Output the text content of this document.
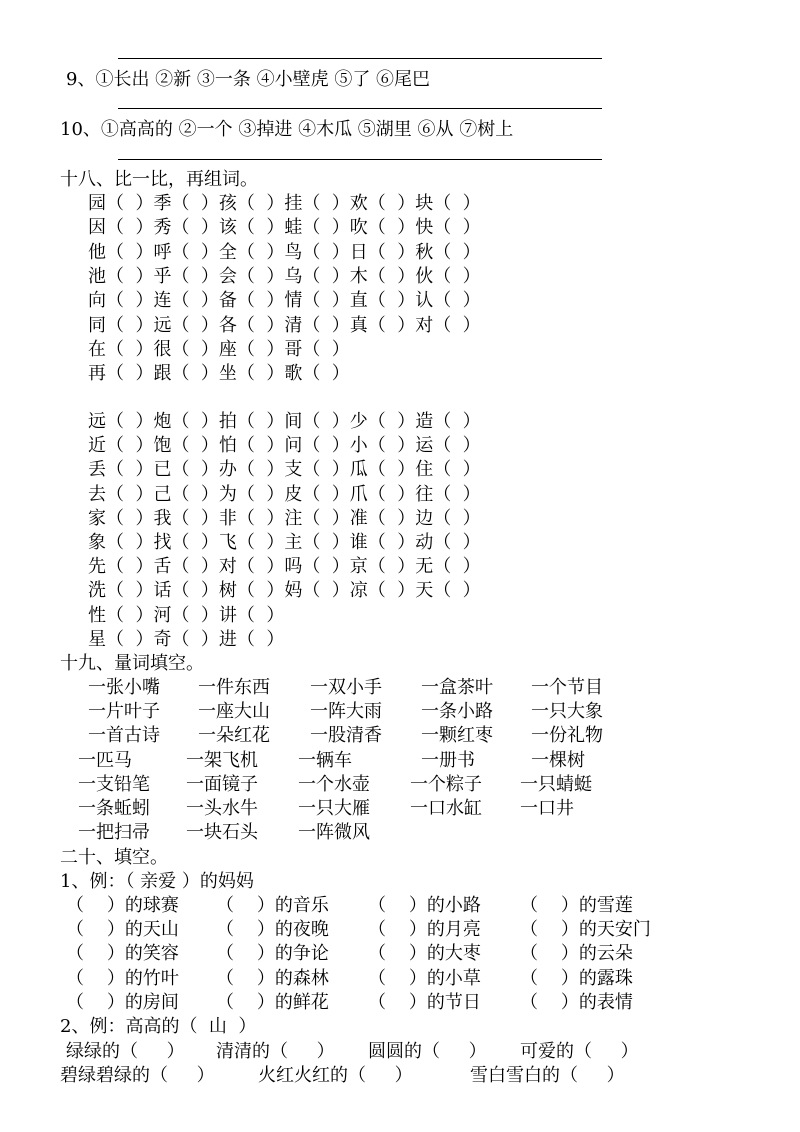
9、①长出 ②新 ③一条 ④小壁虎 ⑤了 ⑥尾巴
10、①高高的 ②一个 ③掉进 ④木瓜 ⑤湖里 ⑥从 ⑦树上
十八、比一比，再组词。
园（  ）季（  ）孩（  ）挂（  ）欢（  ）块（  ）
因（  ）秀（  ）该（  ）蛙（  ）吹（  ）快（  ）
他（  ）呼（  ）全（  ）鸟（  ）日（  ）秋（  ）
池（  ）乎（  ）会（  ）乌（  ）木（  ）伙（  ）
向（  ）连（  ）备（  ）情（  ）直（  ）认（  ）
同（  ）远（  ）各（  ）清（  ）真（  ）对（  ）
在（  ）很（  ）座（  ）哥（  ）
再（  ）跟（  ）坐（  ）歌（  ）
远（  ）炮（  ）拍（  ）间（  ）少（  ）造（  ）
近（  ）饱（  ）怕（  ）问（  ）小（  ）运（  ）
丢（  ）已（  ）办（  ）支（  ）瓜（  ）住（  ）
去（  ）己（  ）为（  ）皮（  ）爪（  ）往（  ）
家（  ）我（  ）非（  ）注（  ）准（  ）边（  ）
象（  ）找（  ）飞（  ）主（  ）谁（  ）动（  ）
先（  ）舌（  ）对（  ）吗（  ）京（  ）无（  ）
洗（  ）话（  ）树（  ）妈（  ）凉（  ）天（  ）
性（  ）河（  ）讲（  ）
星（  ）奇（  ）进（  ）
十九、量词填空。
一张小嘴 一件东西 一双小手 一盒茶叶 一个节目
一片叶子 一座大山 一阵大雨 一条小路 一只大象
一首古诗 一朵红花 一股清香 一颗红枣 一份礼物
一匹马	一架飞机 一辆车	一册书	一棵树
一支铅笔 一面镜子 一个水壶 一个粽子 一只蜻蜓
一条蚯蚓 一头水牛 一只大雁 一口水缸 一口井
一把扫帚 一块石头 一阵微风
二十、填空。
1、例：（ 亲爱 ）的妈妈
（    ）的球赛 （    ）的音乐 （    ）的小路 （    ）的雪莲
（    ）的天山 （    ）的夜晚 （    ）的月亮 （    ）的天安门
（    ）的笑容 （    ）的争论 （    ）的大枣 （    ）的云朵
（    ）的竹叶 （    ）的森林 （    ）的小草 （    ）的露珠
（    ）的房间 （    ）的鲜花 （    ）的节日 （    ）的表情
2、例：高高的（  山  ）
绿绿的（     ） 清清的（     ） 圆圆的（     ） 可爱的（     ）
碧绿碧绿的（     ） 火红火红的（     ）	雪白雪白的（     ）
